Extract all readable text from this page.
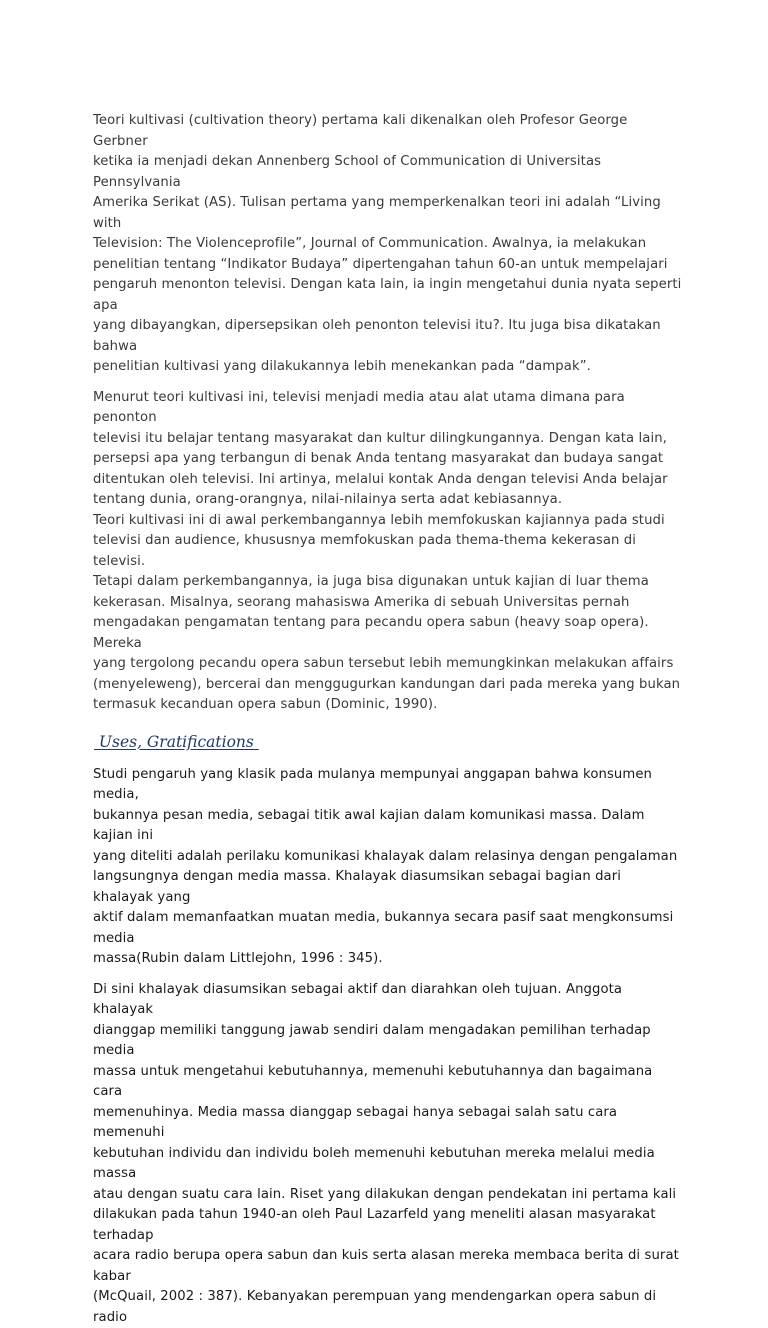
Teori kultivasi (cultivation theory) pertama kali dikenalkan oleh Profesor George Gerbner
ketika ia menjadi dekan Annenberg School of Communication di Universitas Pennsylvania
Amerika Serikat (AS). Tulisan pertama yang memperkenalkan teori ini adalah “Living with
Television: The Violenceprofile”, Journal of Communication. Awalnya, ia melakukan
penelitian tentang “Indikator Budaya” dipertengahan tahun 60-an untuk mempelajari
pengaruh menonton televisi. Dengan kata lain, ia ingin mengetahui dunia nyata seperti apa
yang dibayangkan, dipersepsikan oleh penonton televisi itu?. Itu juga bisa dikatakan bahwa
penelitian kultivasi yang dilakukannya lebih menekankan pada “dampak”.

Menurut teori kultivasi ini, televisi menjadi media atau alat utama dimana para penonton
televisi itu belajar tentang masyarakat dan kultur dilingkungannya. Dengan kata lain,
persepsi apa yang terbangun di benak Anda tentang masyarakat dan budaya sangat
ditentukan oleh televisi. Ini artinya, melalui kontak Anda dengan televisi Anda belajar
tentang dunia, orang-orangnya, nilai-nilainya serta adat kebiasannya.
Teori kultivasi ini di awal perkembangannya lebih memfokuskan kajiannya pada studi
televisi dan audience, khususnya memfokuskan pada thema-thema kekerasan di televisi.
Tetapi dalam perkembangannya, ia juga bisa digunakan untuk kajian di luar thema
kekerasan. Misalnya, seorang mahasiswa Amerika di sebuah Universitas pernah
mengadakan pengamatan tentang para pecandu opera sabun (heavy soap opera). Mereka
yang tergolong pecandu opera sabun tersebut lebih memungkinkan melakukan affairs
(menyeleweng), bercerai dan menggugurkan kandungan dari pada mereka yang bukan
termasuk kecanduan opera sabun (Dominic, 1990).

Uses, Gratifications

Studi pengaruh yang klasik pada mulanya mempunyai anggapan bahwa konsumen media,
bukannya pesan media, sebagai titik awal kajian dalam komunikasi massa. Dalam kajian ini
yang diteliti adalah perilaku komunikasi khalayak dalam relasinya dengan pengalaman
langsungnya dengan media massa. Khalayak diasumsikan sebagai bagian dari khalayak yang
aktif dalam memanfaatkan muatan media, bukannya secara pasif saat mengkonsumsi media
massa(Rubin dalam Littlejohn, 1996 : 345).

Di sini khalayak diasumsikan sebagai aktif dan diarahkan oleh tujuan. Anggota khalayak
dianggap memiliki tanggung jawab sendiri dalam mengadakan pemilihan terhadap media
massa untuk mengetahui kebutuhannya, memenuhi kebutuhannya dan bagaimana cara
memenuhinya. Media massa dianggap sebagai hanya sebagai salah satu cara memenuhi
kebutuhan individu dan individu boleh memenuhi kebutuhan mereka melalui media massa
atau dengan suatu cara lain. Riset yang dilakukan dengan pendekatan ini pertama kali
dilakukan pada tahun 1940-an oleh Paul Lazarfeld yang meneliti alasan masyarakat terhadap
acara radio berupa opera sabun dan kuis serta alasan mereka membaca berita di surat kabar
(McQuail, 2002 : 387). Kebanyakan perempuan yang mendengarkan opera sabun di radio
